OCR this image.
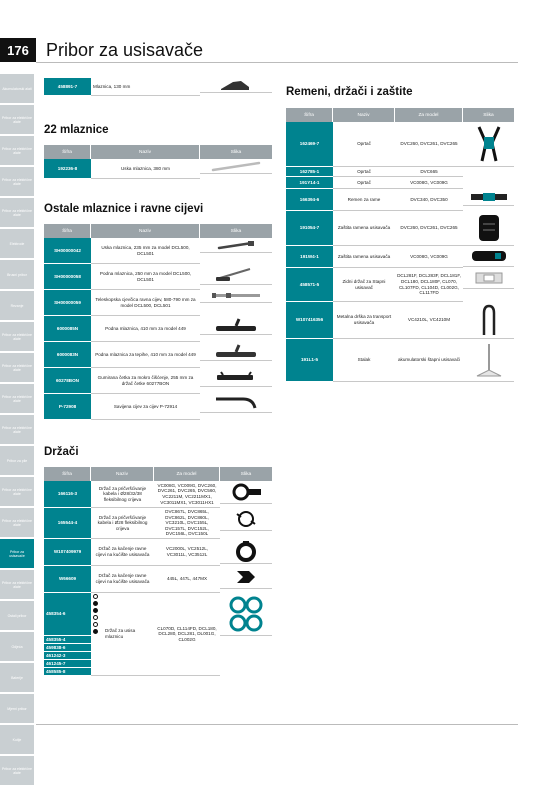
176 Pribor za usisavače
Akumulatorski alati
Pribor za električne alate
Pribor za električne alate
Pribor za električne alate
Pribor za električne alate
Elektrode
Brusni pribor
Rezanje
Pribor za električne alate
Pribor za električne alate
Pribor za električne alate
Pribor za električne alate
Pribor za pile
Pribor za električne alate
Pribor za električne alate
Pribor za usisavače
Pribor za električne alate
Ostali pribor
Odjeća
Baterije
Mjerni pribor
Kutije
Pribor za električne alate
458891-7	Mlaznica, 130 mm	
22 mlaznice
Šifra	Naziv	Slika
192236-8	Uska mlaznica, 380 mm	
Ostale mlaznice i ravne cijevi
Šifra	Naziv	Slika
SH00000042	Uska mlaznica, 235 mm za model DCL500, DCL501	

SH00000058	Podna mlaznica, 250 mm za model DCL500, DCL501	

SH00000059	Teleskopska cjevčica ravna cijev, 580-790 mm za model DCL500, DCL501	

6000085N	Podna mlaznica, 410 mm za model 449	

6000083N	Podna mlaznica za tepihe, 410 mm za model 449	

60278BON	Gumirana četka za mokro čišćenje, 255 mm za držač četke 60277BON	

P-72908	Savijena cijev za cijev P-72914	
Držači
Šifra	Naziv	Za model	Slika
166116-3	Držač za pričvršćivanje kabela i Ø28/32/38 fleksibilnog crijeva	VC008G, VC009G, DVC260, DVC261, DVC265, DVC560, VC2211M, VC2211MX1, VC3011MX1, VC3011HX1	

165544-4	Držač za pričvršćivanje kabela i Ø28 fleksibilnog crijeva	DVC867L, DVC865L, DVC862L, DVC860L, VC3210L, DVC155L, DVC157L, DVC152L, DVC156L, DVC150L	

W107409979	Držač za kačenje ravne cijevi na kućište usisavača	VC2000L, VC2512L, VC3011L, VC3512L	

W66609	Držač za kačenje ravne cijevi na kućište usisavača	445L, 447L, 447MX	

458354-6	Držač za usisa mlaznicu	CL070D, CL114FD, DCL180, DCL280, DCL281, DL001G, CL002G	

458355-4			
459838-6			
461242-3			
461245-7			
458585-8			
Remeni, držači i zaštite
Šifra	Naziv	Za model	Slika
162469-7	Oprtač	DVC260, DVC261, DVC265	

162785-1	Oprtač	DVC665	
191Y14-1	Oprtač	VC008G, VC009G	
166394-6	Remen za rame	DVC340, DVC350	

191054-7	Zaštita ramena usisavača	DVC260, DVC261, DVC265	

191W4-1	Zaštita ramena usisavača	VC008G, VC009G	

458571-5	Zidni držač za Stapni usisavač	DCL281F, DCL283F, DCL181F, DCL180, DCL180F, CL070, CL107FD, CL104D, CL002G, CL117FD	

W107416356	Metalna drška za transport usisavača	VC4210L, VC4210M	

191L1-5	Stalak	akumulatorski štapni usisavači	
